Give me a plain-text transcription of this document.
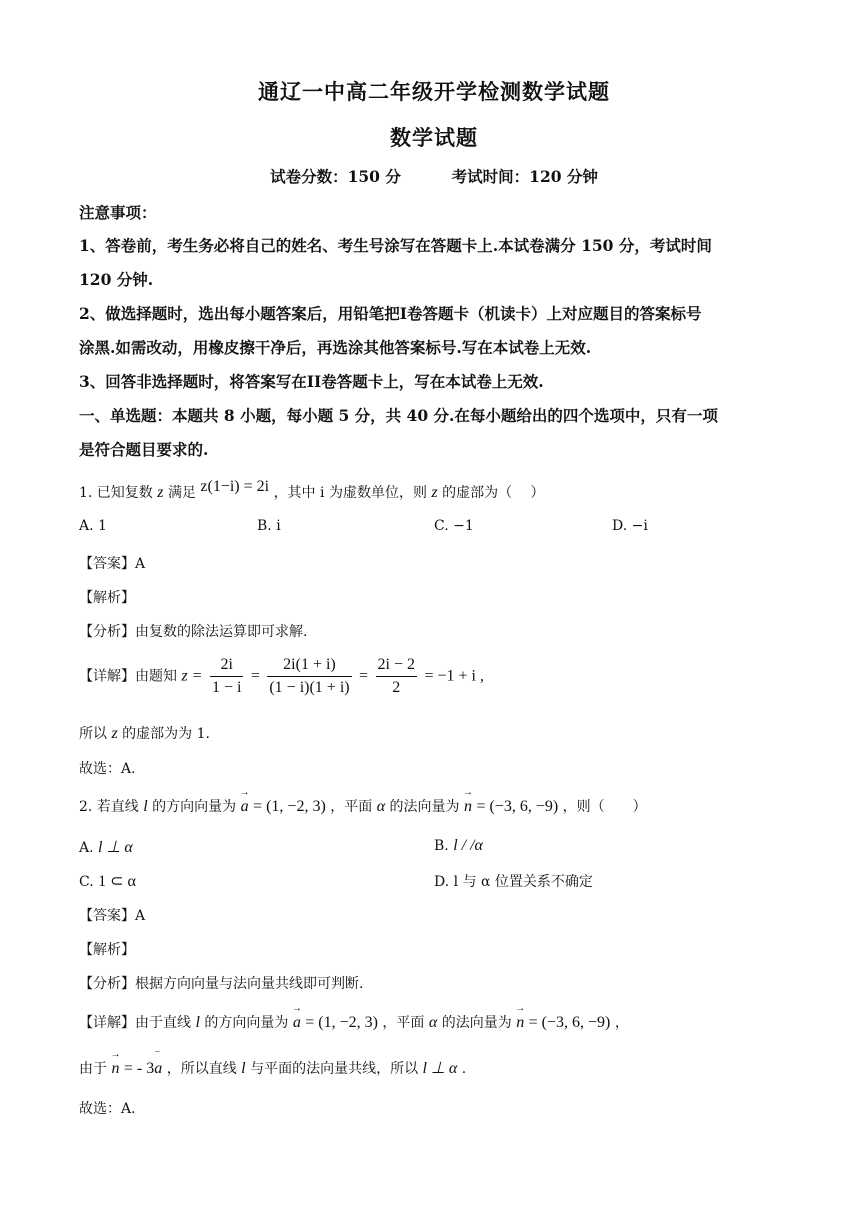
通辽一中高二年级开学检测数学试题
数学试题
试卷分数：150 分	考试时间：120 分钟
注意事项：
1、答卷前，考生务必将自己的姓名、考生号涂写在答题卡上.本试卷满分 150 分，考试时间
120 分钟.
2、做选择题时，选出每小题答案后，用铅笔把I卷答题卡（机读卡）上对应题目的答案标号
涂黑.如需改动，用橡皮擦干净后，再选涂其他答案标号.写在本试卷上无效.
3、回答非选择题时，将答案写在II卷答题卡上，写在本试卷上无效.
一、单选题：本题共 8 小题，每小题 5 分，共 40 分.在每小题给出的四个选项中，只有一项
是符合题目要求的.
1. 已知复数 z 满足 z(1−i) = 2i ，其中 i 为虚数单位，则 z 的虚部为（　 ）
A. 1	B. i	C. −1	D. −i
【答案】A
【解析】
【分析】由复数的除法运算即可求解.
【详解】由题知 $z = \frac{2i}{1 - i} = \frac{2i(1 + i)}{(1 - i)(1 + i)} = \frac{2i - 2}{2} = -1 + i$ ,
所以 z 的虚部为为 1.
故选：A.
2. 若直线 l 的方向向量为 → a = (1, −2, 3) ，平面 α 的法向量为 → n = (−3, 6, −9) ，则（　　）
A. l ⊥ α	B. l / /α
C. 1 ⊂ α	D. l 与 α 位置关系不确定
【答案】A
【解析】
【分析】根据方向向量与法向量共线即可判断.
【详解】由于直线 l 的方向向量为 → a = (1, −2, 3) ，平面 α 的法向量为 → n = (−3, 6, −9) ，
由于 → n = - 3‾ a ，所以直线 l 与平面的法向量共线，所以 l ⊥ α .
故选：A.
